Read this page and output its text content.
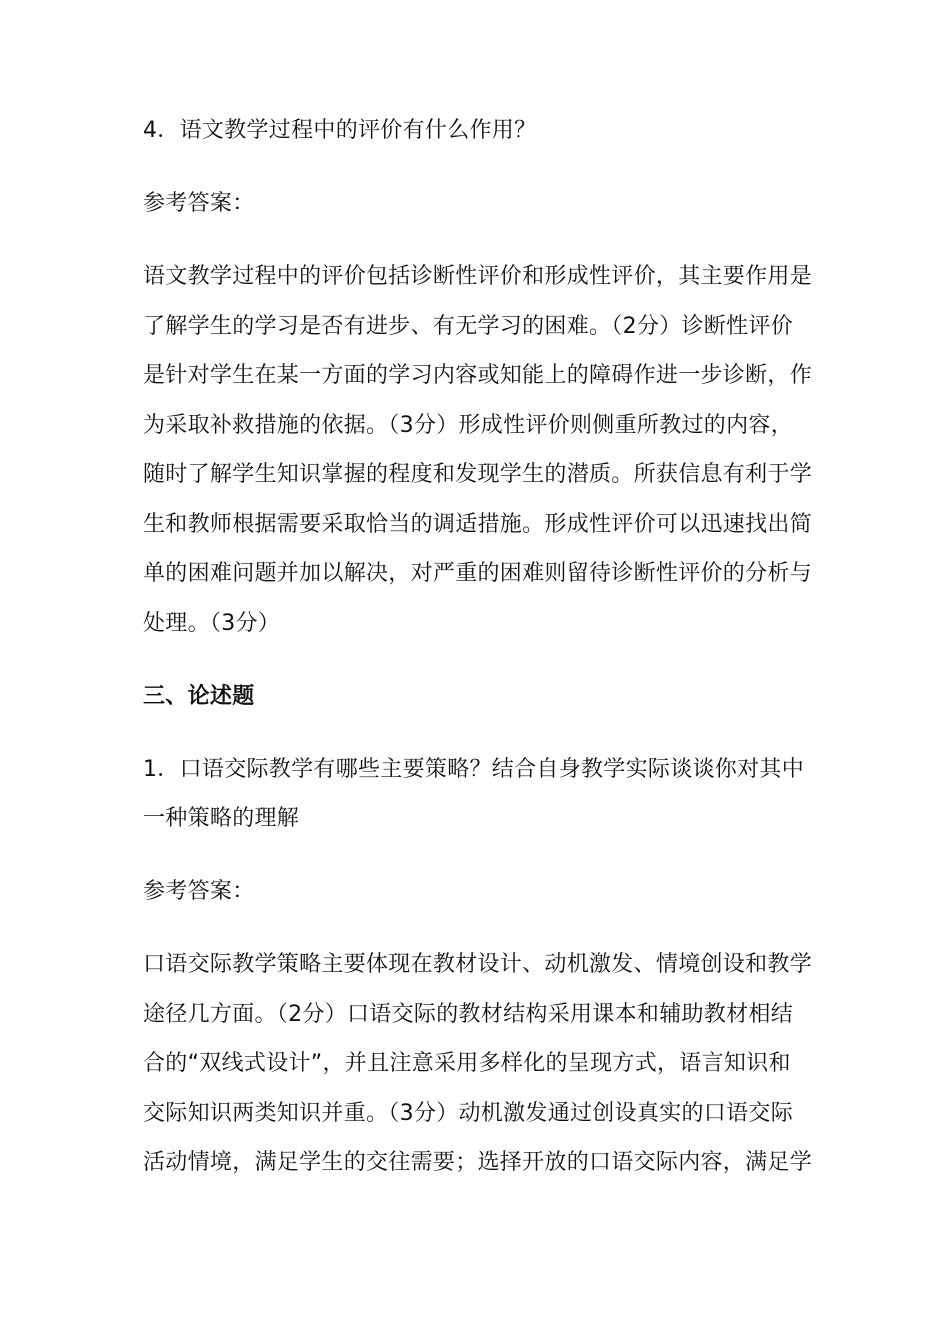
4．语文教学过程中的评价有什么作用？
参考答案：
语文教学过程中的评价包括诊断性评价和形成性评价，其主要作用是
了解学生的学习是否有进步、有无学习的困难。（2分）诊断性评价
是针对学生在某一方面的学习内容或知能上的障碍作进一步诊断，作
为采取补救措施的依据。（3分）形成性评价则侧重所教过的内容，
随时了解学生知识掌握的程度和发现学生的潜质。所获信息有利于学
生和教师根据需要采取恰当的调适措施。形成性评价可以迅速找出简
单的困难问题并加以解决，对严重的困难则留待诊断性评价的分析与
处理。（3分）
三、论述题
1．口语交际教学有哪些主要策略？结合自身教学实际谈谈你对其中
一种策略的理解
参考答案：
口语交际教学策略主要体现在教材设计、动机激发、情境创设和教学
途径几方面。（2分）口语交际的教材结构采用课本和辅助教材相结
合的“双线式设计”，并且注意采用多样化的呈现方式，语言知识和
交际知识两类知识并重。（3分）动机激发通过创设真实的口语交际
活动情境，满足学生的交往需要；选择开放的口语交际内容，满足学
